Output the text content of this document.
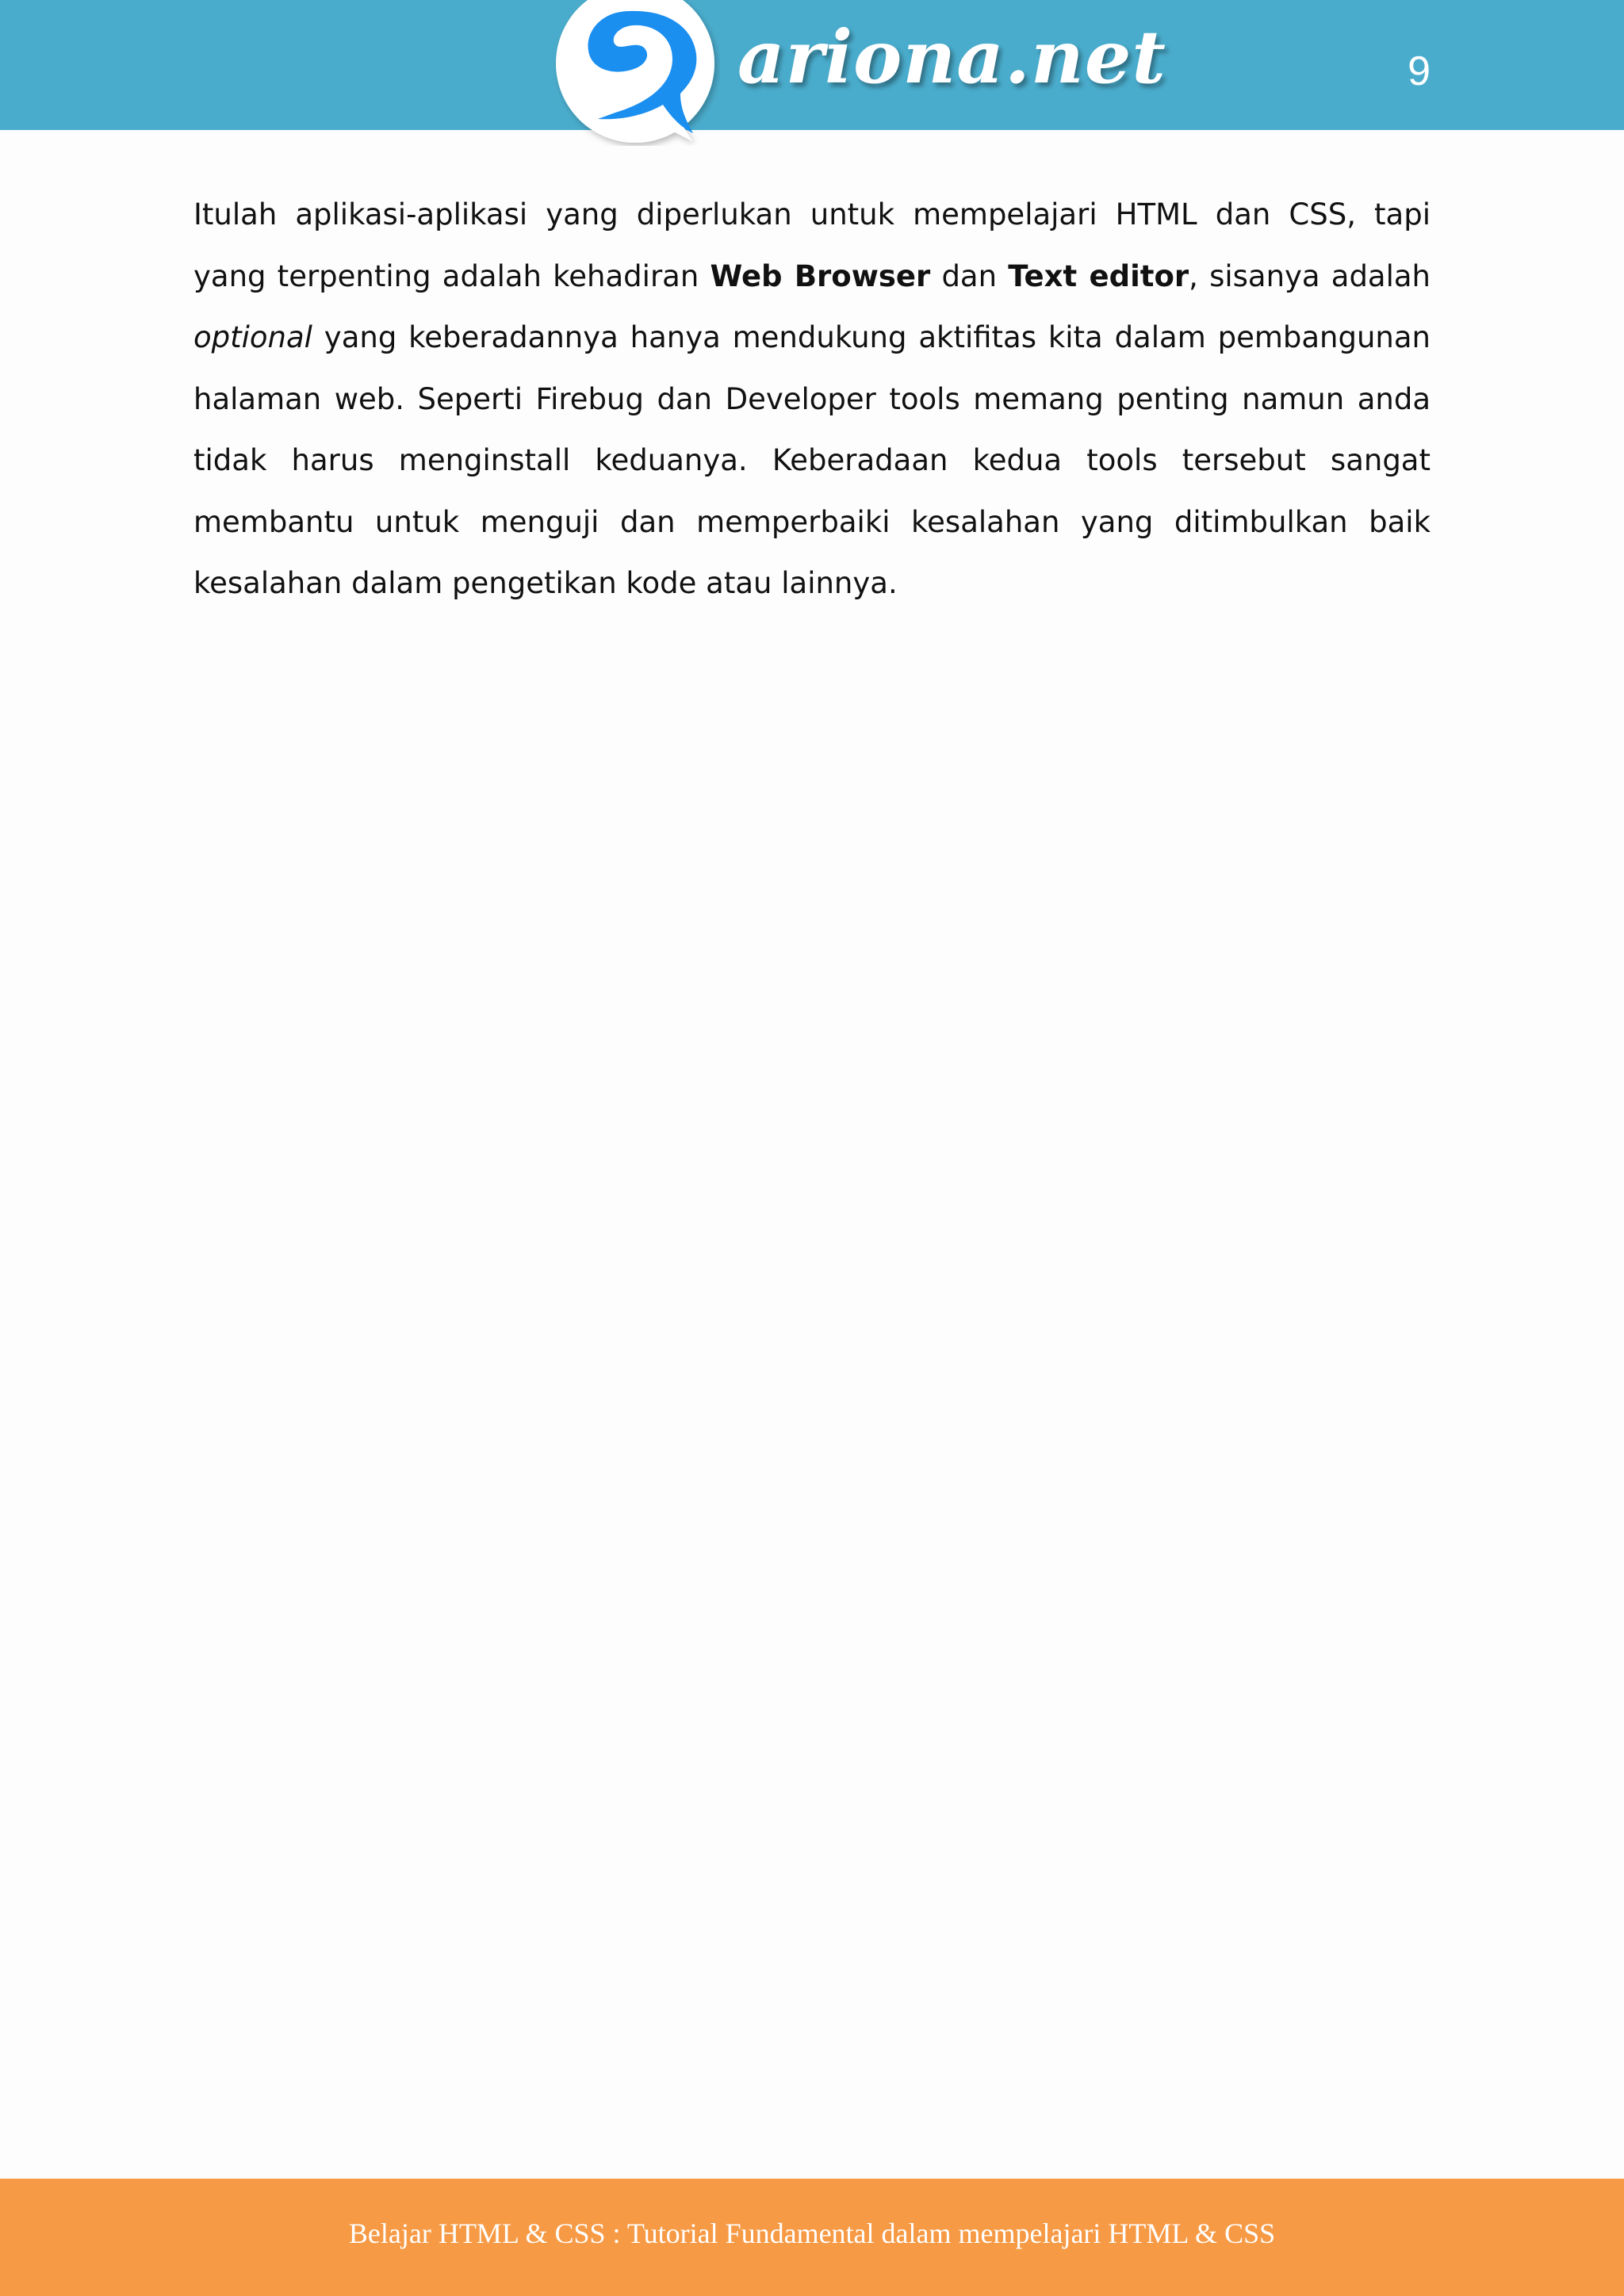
ariona.net	9

Itulah aplikasi-aplikasi yang diperlukan untuk mempelajari HTML dan CSS, tapi yang terpenting adalah kehadiran Web Browser dan Text editor, sisanya adalah optional yang keberadannya hanya mendukung aktifitas kita dalam pembangunan halaman web. Seperti Firebug dan Developer tools memang penting namun anda tidak harus menginstall keduanya. Keberadaan kedua tools tersebut sangat membantu untuk menguji dan memperbaiki kesalahan yang ditimbulkan baik kesalahan dalam pengetikan kode atau lainnya.

Belajar HTML & CSS : Tutorial Fundamental dalam mempelajari HTML & CSS
